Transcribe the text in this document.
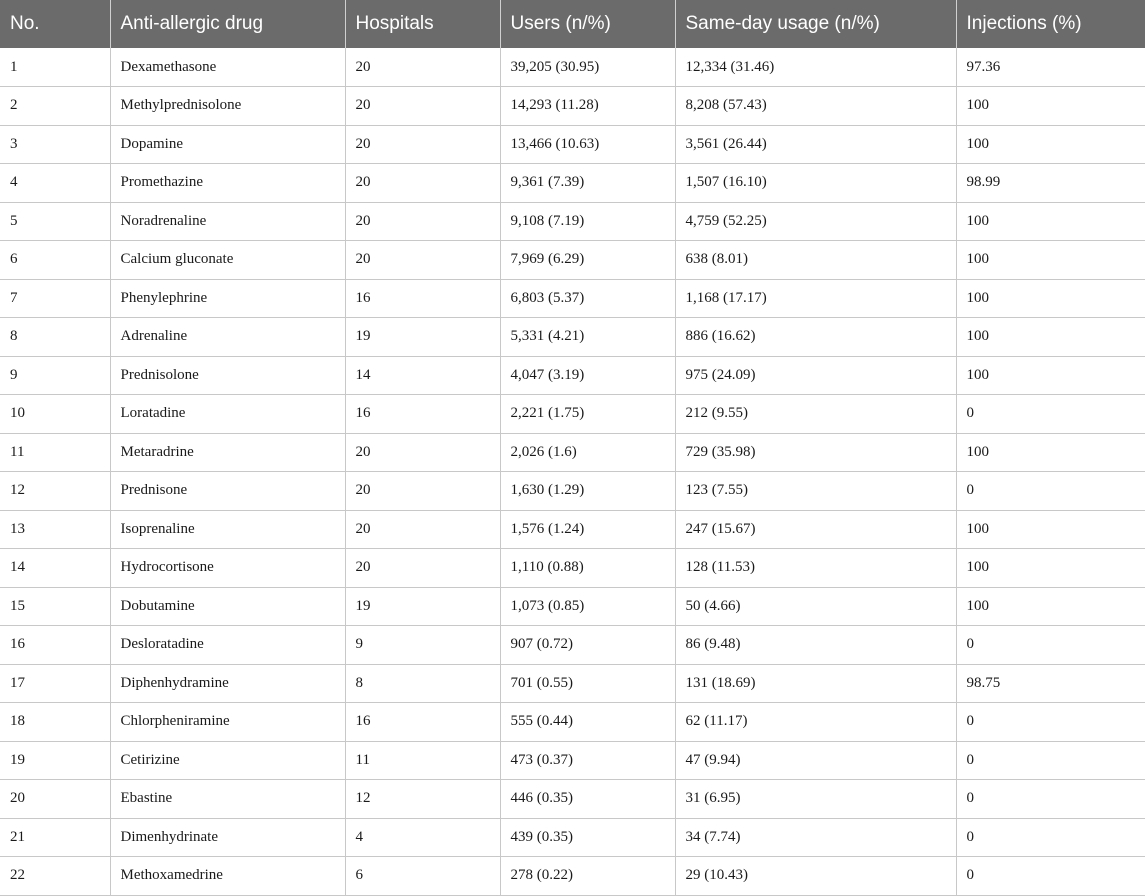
No.	Anti-allergic drug	Hospitals	Users (n/%)	Same-day usage (n/%)	Injections (%)
1	Dexamethasone	20	39,205 (30.95)	12,334 (31.46)	97.36
2	Methylprednisolone	20	14,293 (11.28)	8,208 (57.43)	100
3	Dopamine	20	13,466 (10.63)	3,561 (26.44)	100
4	Promethazine	20	9,361 (7.39)	1,507 (16.10)	98.99
5	Noradrenaline	20	9,108 (7.19)	4,759 (52.25)	100
6	Calcium gluconate	20	7,969 (6.29)	638 (8.01)	100
7	Phenylephrine	16	6,803 (5.37)	1,168 (17.17)	100
8	Adrenaline	19	5,331 (4.21)	886 (16.62)	100
9	Prednisolone	14	4,047 (3.19)	975 (24.09)	100
10	Loratadine	16	2,221 (1.75)	212 (9.55)	0
11	Metaradrine	20	2,026 (1.6)	729 (35.98)	100
12	Prednisone	20	1,630 (1.29)	123 (7.55)	0
13	Isoprenaline	20	1,576 (1.24)	247 (15.67)	100
14	Hydrocortisone	20	1,110 (0.88)	128 (11.53)	100
15	Dobutamine	19	1,073 (0.85)	50 (4.66)	100
16	Desloratadine	9	907 (0.72)	86 (9.48)	0
17	Diphenhydramine	8	701 (0.55)	131 (18.69)	98.75
18	Chlorpheniramine	16	555 (0.44)	62 (11.17)	0
19	Cetirizine	11	473 (0.37)	47 (9.94)	0
20	Ebastine	12	446 (0.35)	31 (6.95)	0
21	Dimenhydrinate	4	439 (0.35)	34 (7.74)	0
22	Methoxamedrine	6	278 (0.22)	29 (10.43)	0
